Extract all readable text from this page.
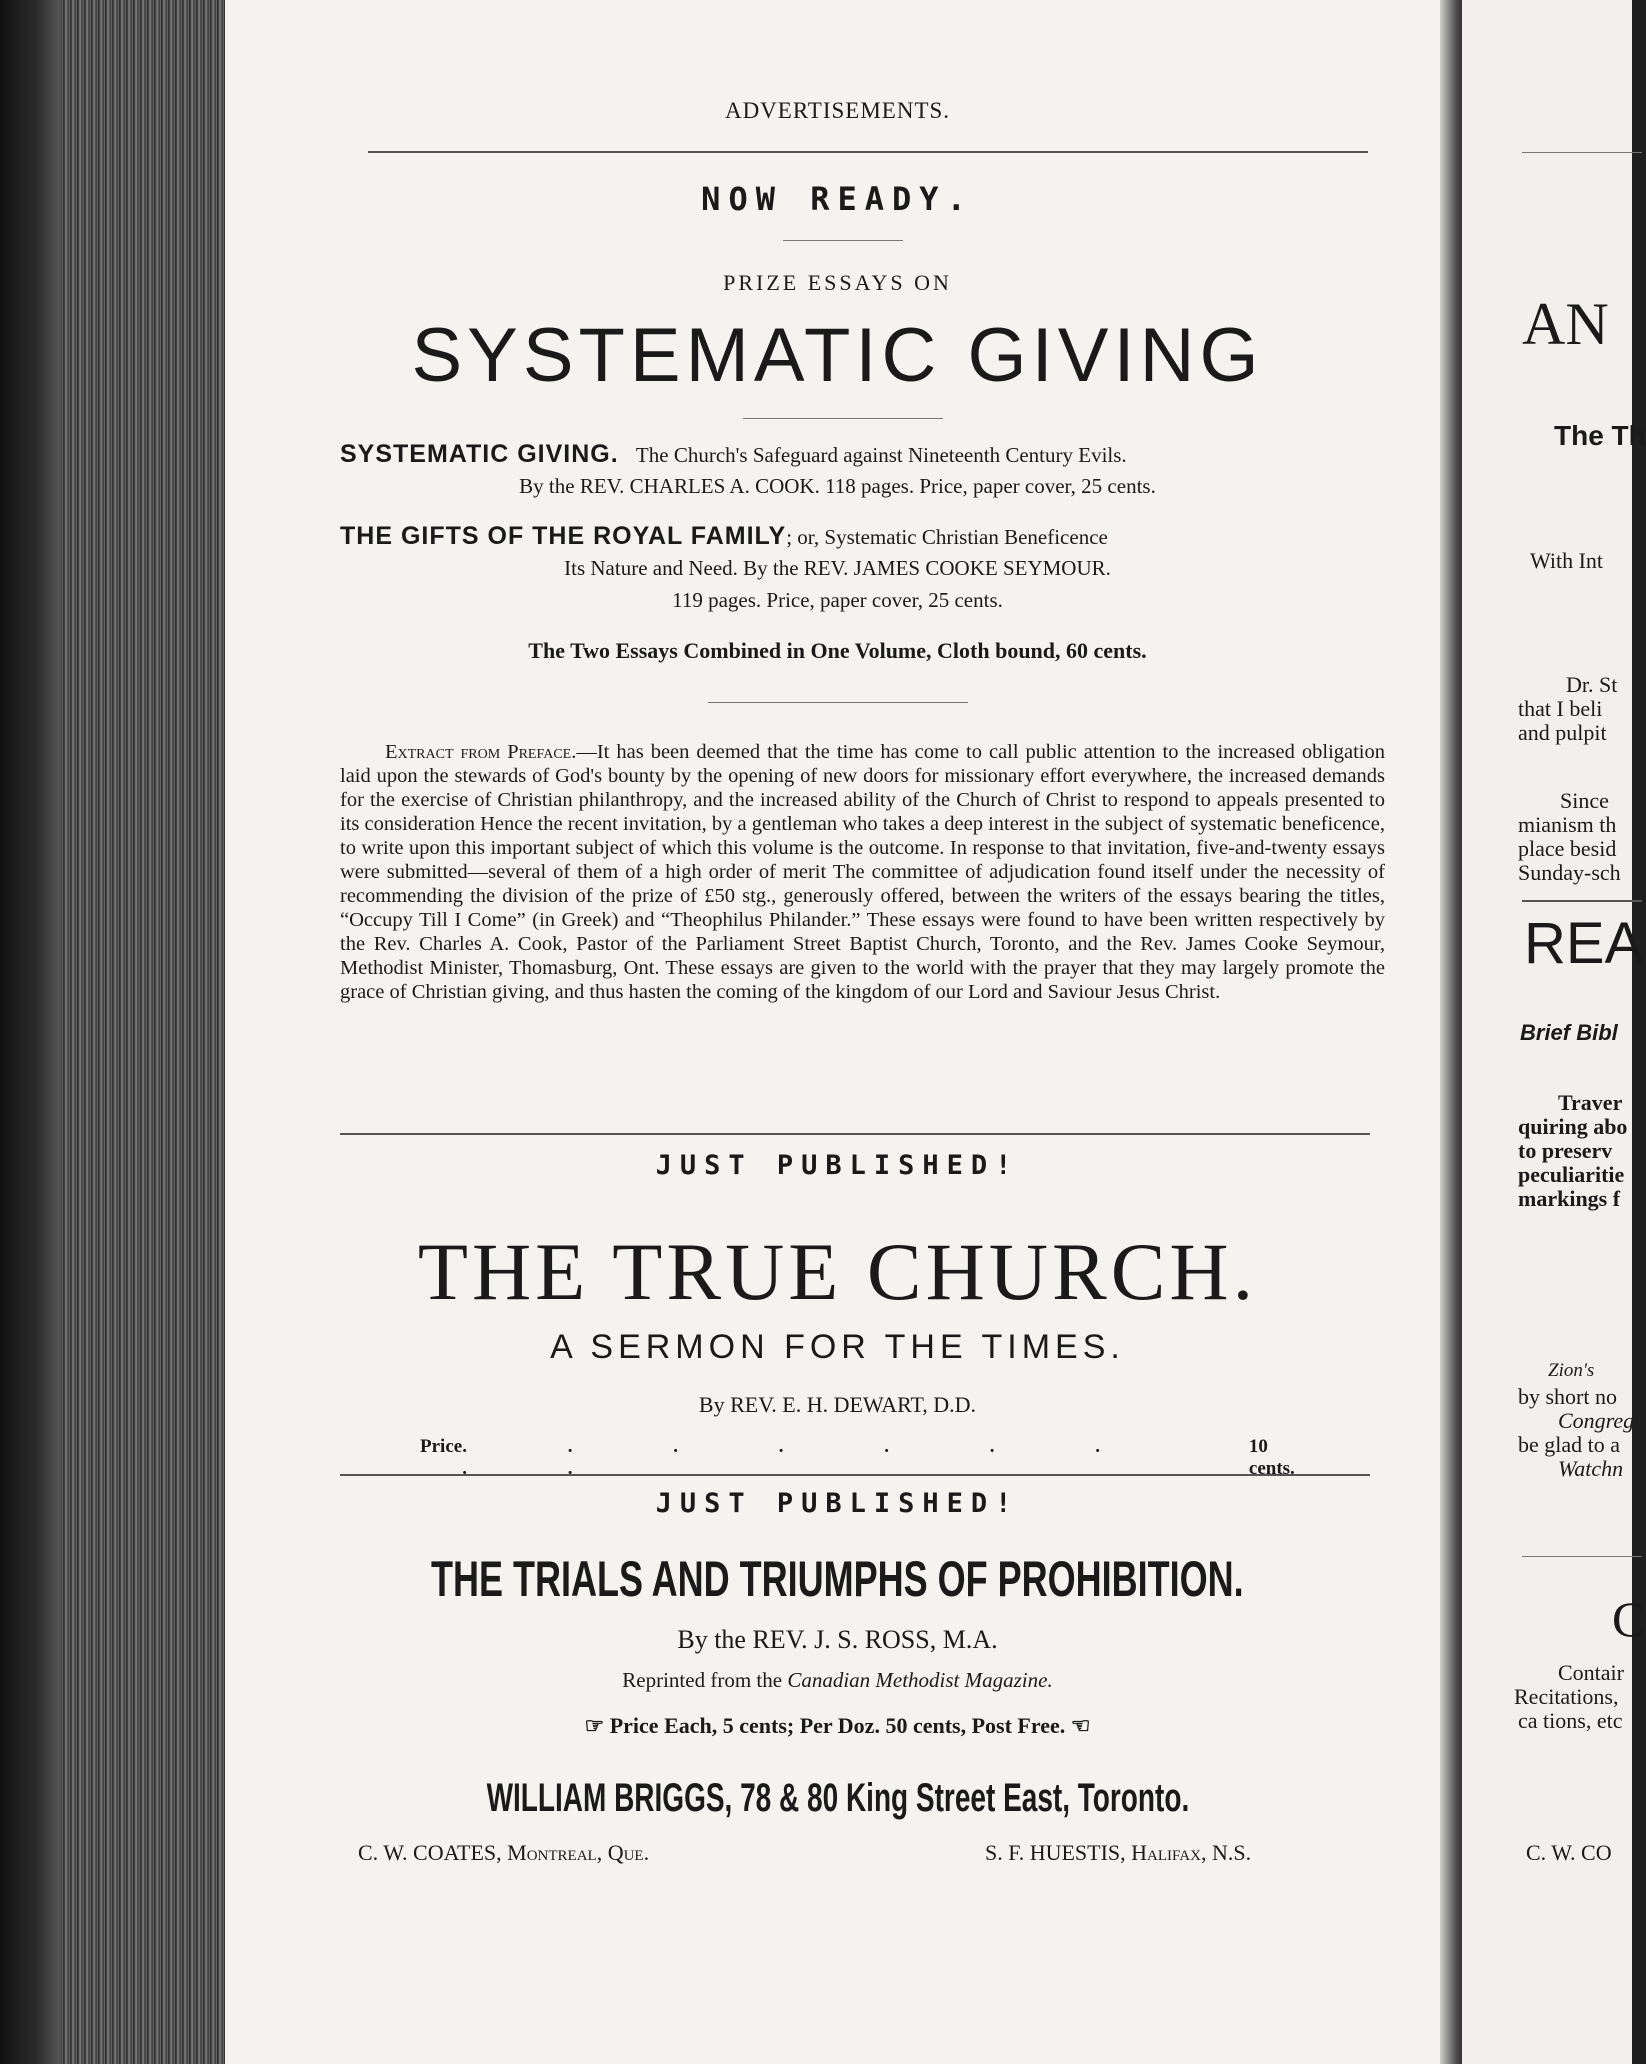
ADVERTISEMENTS.
NOW READY.
PRIZE ESSAYS ON
SYSTEMATIC GIVING
SYSTEMATIC GIVING. The Church's Safeguard against Nineteenth Century Evils.
By the REV. CHARLES A. COOK. 118 pages. Price, paper cover, 25 cents.
THE GIFTS OF THE ROYAL FAMILY; or, Systematic Christian Beneficence
Its Nature and Need. By the REV. JAMES COOKE SEYMOUR.
119 pages. Price, paper cover, 25 cents.
The Two Essays Combined in One Volume, Cloth bound, 60 cents.
Extract from Preface.—It has been deemed that the time has come to call public attention to the increased obligation laid upon the stewards of God's bounty by the opening of new doors for missionary effort everywhere, the increased demands for the exercise of Christian philanthropy, and the increased ability of the Church of Christ to respond to appeals presented to its consideration Hence the recent invitation, by a gentleman who takes a deep interest in the subject of systematic beneficence, to write upon this important subject of which this volume is the outcome. In response to that invitation, five-and-twenty essays were submitted—several of them of a high order of merit The committee of adjudication found itself under the necessity of recommending the division of the prize of £50 stg., generously offered, between the writers of the essays bearing the titles, “Occupy Till I Come” (in Greek) and “Theophilus Philander.” These essays were found to have been written respectively by the Rev. Charles A. Cook, Pastor of the Parliament Street Baptist Church, Toronto, and the Rev. James Cooke Seymour, Methodist Minister, Thomasburg, Ont. These essays are given to the world with the prayer that they may largely promote the grace of Christian giving, and thus hasten the coming of the kingdom of our Lord and Saviour Jesus Christ.
JUST PUBLISHED!
THE TRUE CHURCH.
A SERMON FOR THE TIMES.
By REV. E. H. DEWART, D.D.
Price . . . . . . . . .
10 cents.
JUST PUBLISHED!
THE TRIALS AND TRIUMPHS OF PROHIBITION.
By the REV. J. S. ROSS, M.A.
Reprinted from the Canadian Methodist Magazine.
☞ Price Each, 5 cents; Per Doz. 50 cents, Post Free. ☜
WILLIAM BRIGGS, 78 & 80 King Street East, Toronto.
C. W. COATES, Montreal, Que.	S. F. HUESTIS, Halifax, N.S.
AN
The Th
With Int
Dr. St
that I beli
and pulpit
Since
mianism th
place besid
Sunday-sch
REA
Brief Bibl
Traver
quiring abo
to preserv
peculiaritie
markings f
Zion's
by short no
Congreg
be glad to a
Watchn
C
Contair
Recitations,
ca tions, etc
C. W. CO
